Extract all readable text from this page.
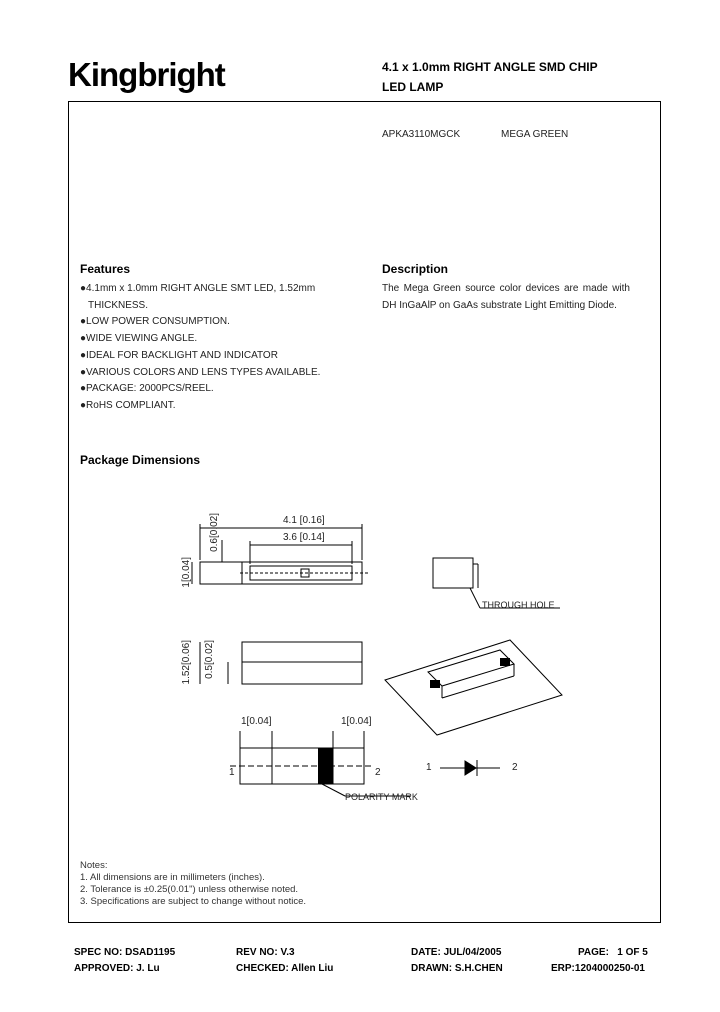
Kingbright	4.1 x 1.0mm RIGHT ANGLE SMD CHIP
LED LAMP
APKA3110MGCK	MEGA GREEN
Features
●4.1mm x 1.0mm RIGHT ANGLE SMT LED, 1.52mm
THICKNESS.
●LOW POWER CONSUMPTION.
●WIDE VIEWING ANGLE.
●IDEAL FOR BACKLIGHT AND INDICATOR
●VARIOUS COLORS AND LENS TYPES AVAILABLE.
●PACKAGE: 2000PCS/REEL.
●RoHS COMPLIANT.
Description
The Mega Green source color devices are made with DH InGaAlP on GaAs substrate Light Emitting Diode.
Package Dimensions
4.1 [0.16]
3.6 [0.14]
0.6[0.02]
1[0.04]
1.52[0.06] 0.5[0.02]
1[0.04]	1[0.04]
THROUGH HOLE
POLARITY MARK
1	2	1	2
Notes:
1. All dimensions are in millimeters (inches).
2. Tolerance is ±0.25(0.01") unless otherwise noted.
3. Specifications are subject to change without notice.
SPEC NO: DSAD1195	REV NO: V.3	DATE: JUL/04/2005	PAGE:   1 OF 5
APPROVED: J. Lu	CHECKED: Allen Liu	DRAWN: S.H.CHEN	ERP:1204000250-01
